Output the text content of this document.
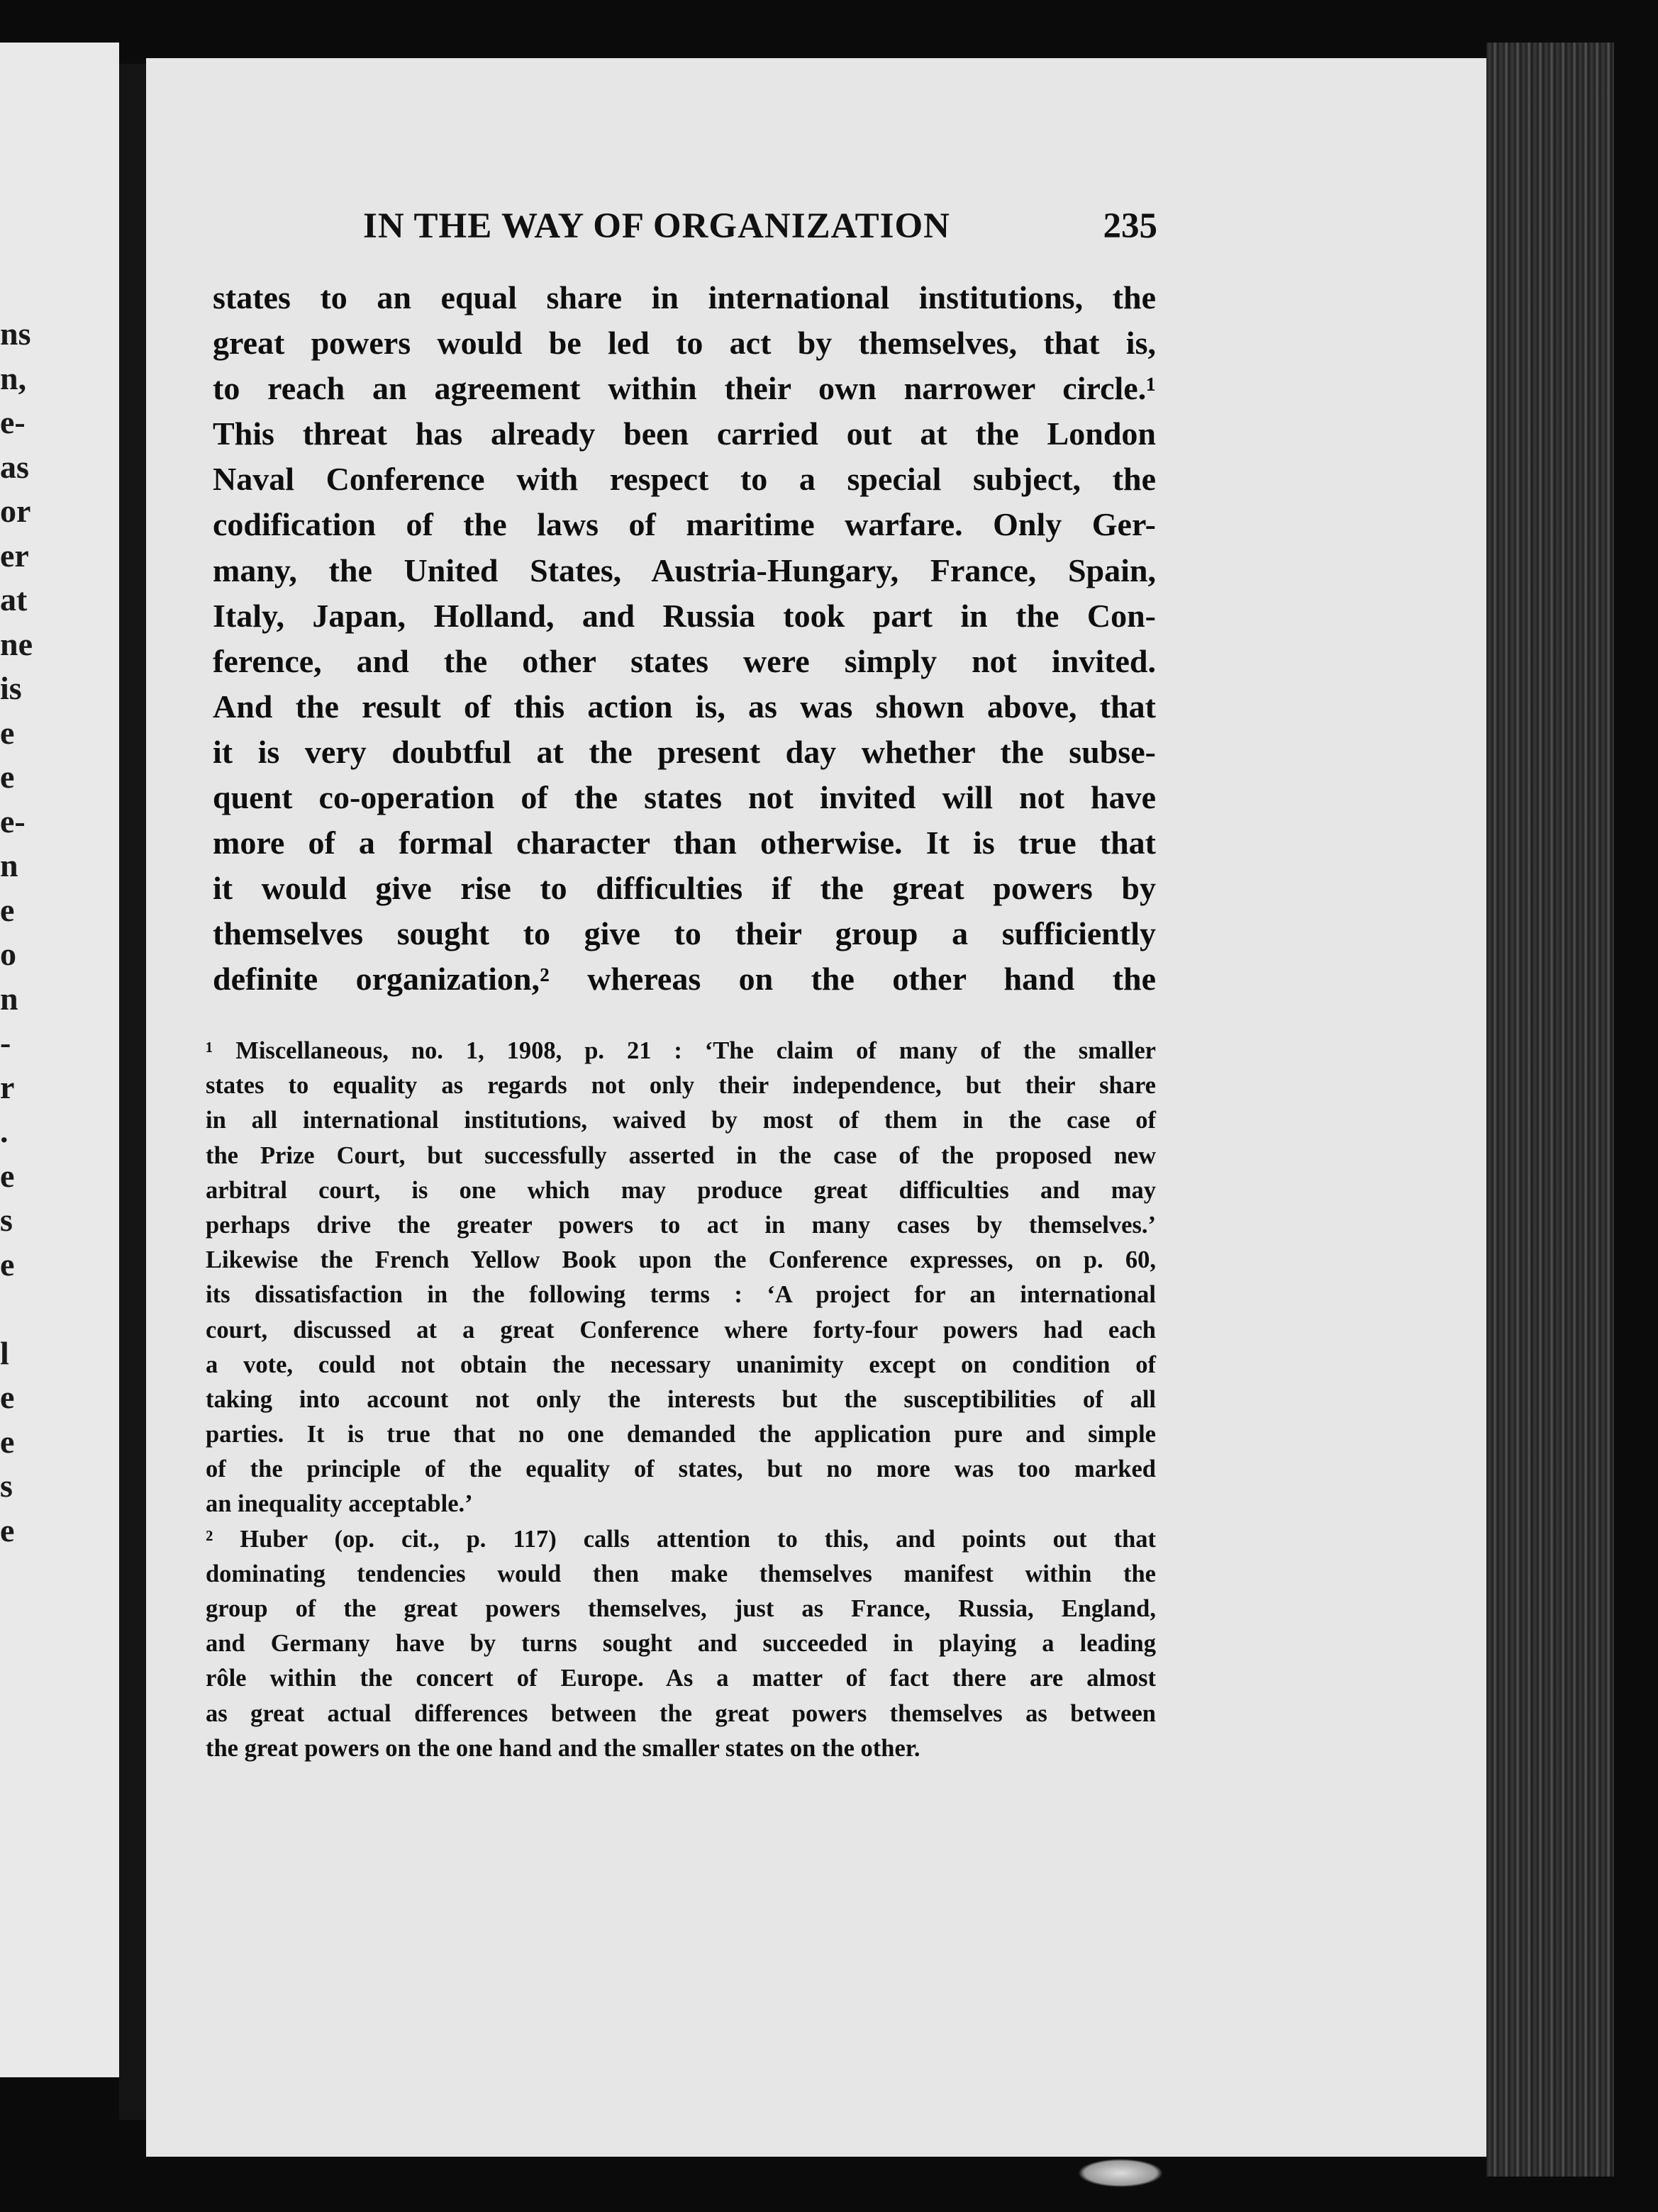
ns
n,
e-
as
or
er
at
ne
is
e
e
e-
n
e
o
n
-
r
.
e
s
e
l
e
e
s
e
IN THE WAY OF ORGANIZATION	235
states to an equal share in international institutions, the
great powers would be led to act by themselves, that is,
to reach an agreement within their own narrower circle.¹
This threat has already been carried out at the London
Naval Conference with respect to a special subject, the
codification of the laws of maritime warfare. Only Ger-
many, the United States, Austria-Hungary, France, Spain,
Italy, Japan, Holland, and Russia took part in the Con-
ference, and the other states were simply not invited.
And the result of this action is, as was shown above, that
it is very doubtful at the present day whether the subse-
quent co-operation of the states not invited will not have
more of a formal character than otherwise. It is true that
it would give rise to difficulties if the great powers by
themselves sought to give to their group a sufficiently
definite organization,² whereas on the other hand the
¹ Miscellaneous, no. 1, 1908, p. 21 : ‘The claim of many of the smaller
states to equality as regards not only their independence, but their share
in all international institutions, waived by most of them in the case of
the Prize Court, but successfully asserted in the case of the proposed new
arbitral court, is one which may produce great difficulties and may
perhaps drive the greater powers to act in many cases by themselves.’
Likewise the French Yellow Book upon the Conference expresses, on p. 60,
its dissatisfaction in the following terms : ‘A project for an international
court, discussed at a great Conference where forty-four powers had each
a vote, could not obtain the necessary unanimity except on condition of
taking into account not only the interests but the susceptibilities of all
parties. It is true that no one demanded the application pure and simple
of the principle of the equality of states, but no more was too marked
an inequality acceptable.’
² Huber (op. cit., p. 117) calls attention to this, and points out that
dominating tendencies would then make themselves manifest within the
group of the great powers themselves, just as France, Russia, England,
and Germany have by turns sought and succeeded in playing a leading
rôle within the concert of Europe. As a matter of fact there are almost
as great actual differences between the great powers themselves as between
the great powers on the one hand and the smaller states on the other.
